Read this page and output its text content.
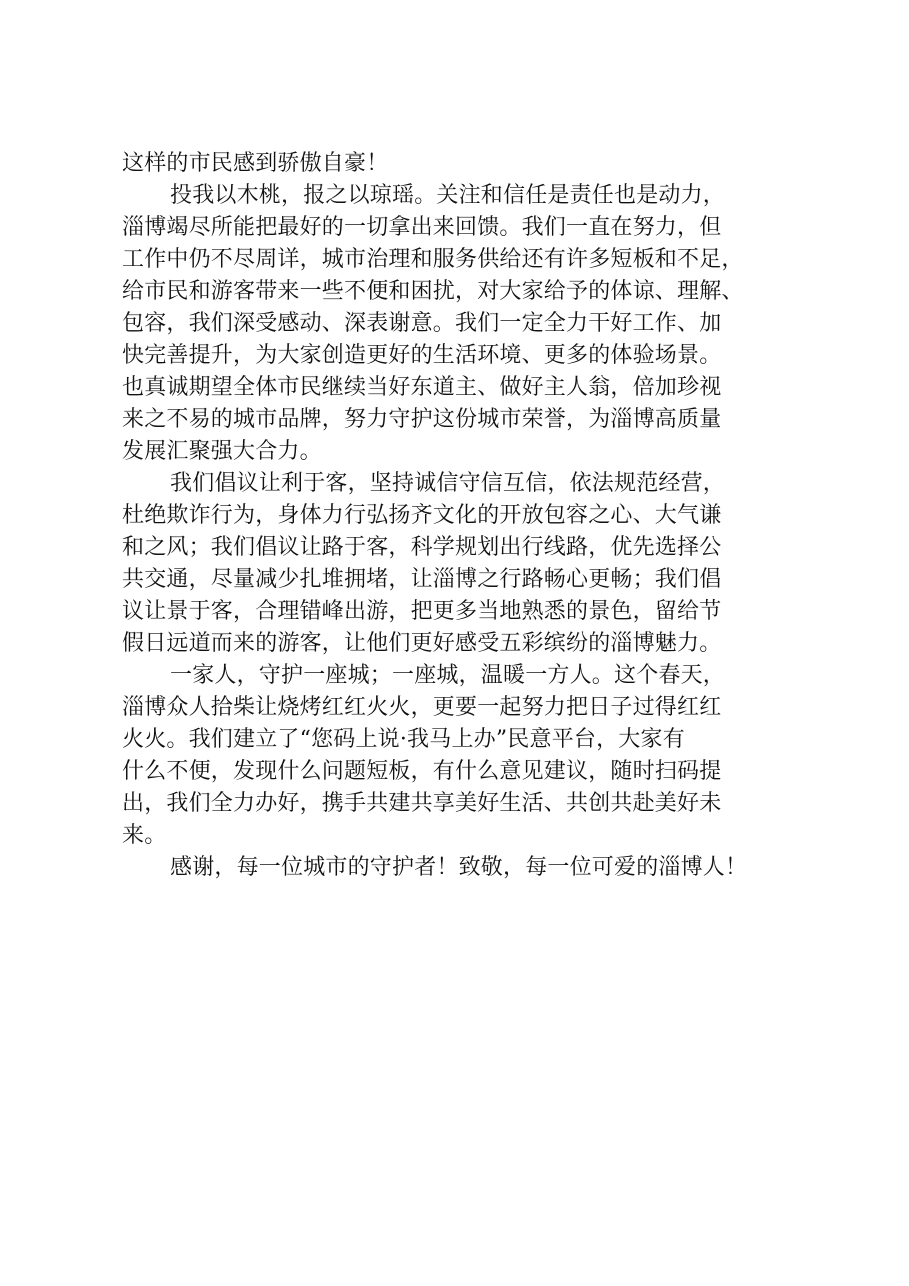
这样的市民感到骄傲自豪！

投我以木桃，报之以琼瑶。关注和信任是责任也是动力，

淄博竭尽所能把最好的一切拿出来回馈。我们一直在努力，但

工作中仍不尽周详，城市治理和服务供给还有许多短板和不足，

给市民和游客带来一些不便和困扰，对大家给予的体谅、理解、

包容，我们深受感动、深表谢意。我们一定全力干好工作、加

快完善提升，为大家创造更好的生活环境、更多的体验场景。

也真诚期望全体市民继续当好东道主、做好主人翁，倍加珍视

来之不易的城市品牌，努力守护这份城市荣誉，为淄博高质量

发展汇聚强大合力。

我们倡议让利于客，坚持诚信守信互信，依法规范经营，

杜绝欺诈行为，身体力行弘扬齐文化的开放包容之心、大气谦

和之风；我们倡议让路于客，科学规划出行线路，优先选择公

共交通，尽量减少扎堆拥堵，让淄博之行路畅心更畅；我们倡

议让景于客，合理错峰出游，把更多当地熟悉的景色，留给节

假日远道而来的游客，让他们更好感受五彩缤纷的淄博魅力。

一家人，守护一座城；一座城，温暖一方人。这个春天，

淄博众人拾柴让烧烤红红火火，更要一起努力把日子过得红红

火火。我们建立了“您码上说·我马上办”民意平台，大家有

什么不便，发现什么问题短板，有什么意见建议，随时扫码提

出，我们全力办好，携手共建共享美好生活、共创共赴美好未

来。

感谢，每一位城市的守护者！致敬，每一位可爱的淄博人！
